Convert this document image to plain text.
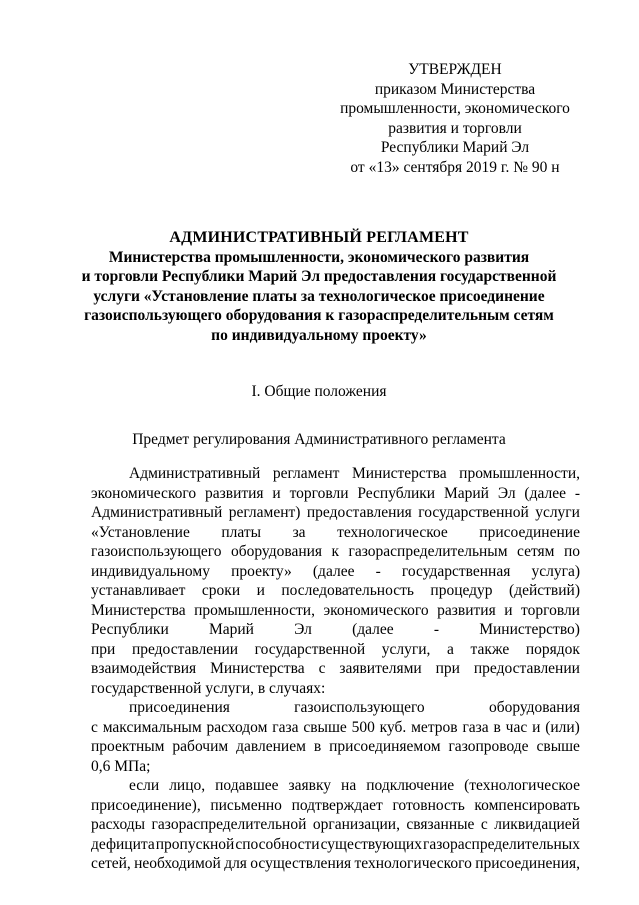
УТВЕРЖДЕН
приказом Министерства
промышленности, экономического
развития и торговли
Республики Марий Эл
от «13» сентября 2019 г. № 90 н
АДМИНИСТРАТИВНЫЙ РЕГЛАМЕНТ
Министерства промышленности, экономического развития
и торговли Республики Марий Эл предоставления государственной
услуги «Установление платы за технологическое присоединение
газоиспользующего оборудования к газораспределительным сетям
по индивидуальному проекту»
I. Общие положения
Предмет регулирования Административного регламента
Административный регламент Министерства промышленности,
экономического развития и торговли Республики Марий Эл (далее -
Административный регламент) предоставления государственной услуги
«Установление платы за технологическое присоединение
газоиспользующего оборудования к газораспределительным сетям по
индивидуальному проекту» (далее - государственная услуга)
устанавливает сроки и последовательность процедур (действий)
Министерства промышленности, экономического развития и торговли
Республики	Марий	Эл	(далее	-	Министерство)
при предоставлении государственной услуги, а также порядок
взаимодействия Министерства с заявителями при предоставлении
государственной услуги, в случаях:
присоединения	газоиспользующего	оборудования
с максимальным расходом газа свыше 500 куб. метров газа в час и (или)
проектным рабочим давлением в присоединяемом газопроводе свыше
0,6 МПа;
если лицо, подавшее заявку на подключение (технологическое
присоединение), письменно подтверждает готовность компенсировать
расходы газораспределительной организации, связанные с ликвидацией
дефицита пропускной способности существующих газораспределительных
сетей, необходимой для осуществления технологического присоединения,
